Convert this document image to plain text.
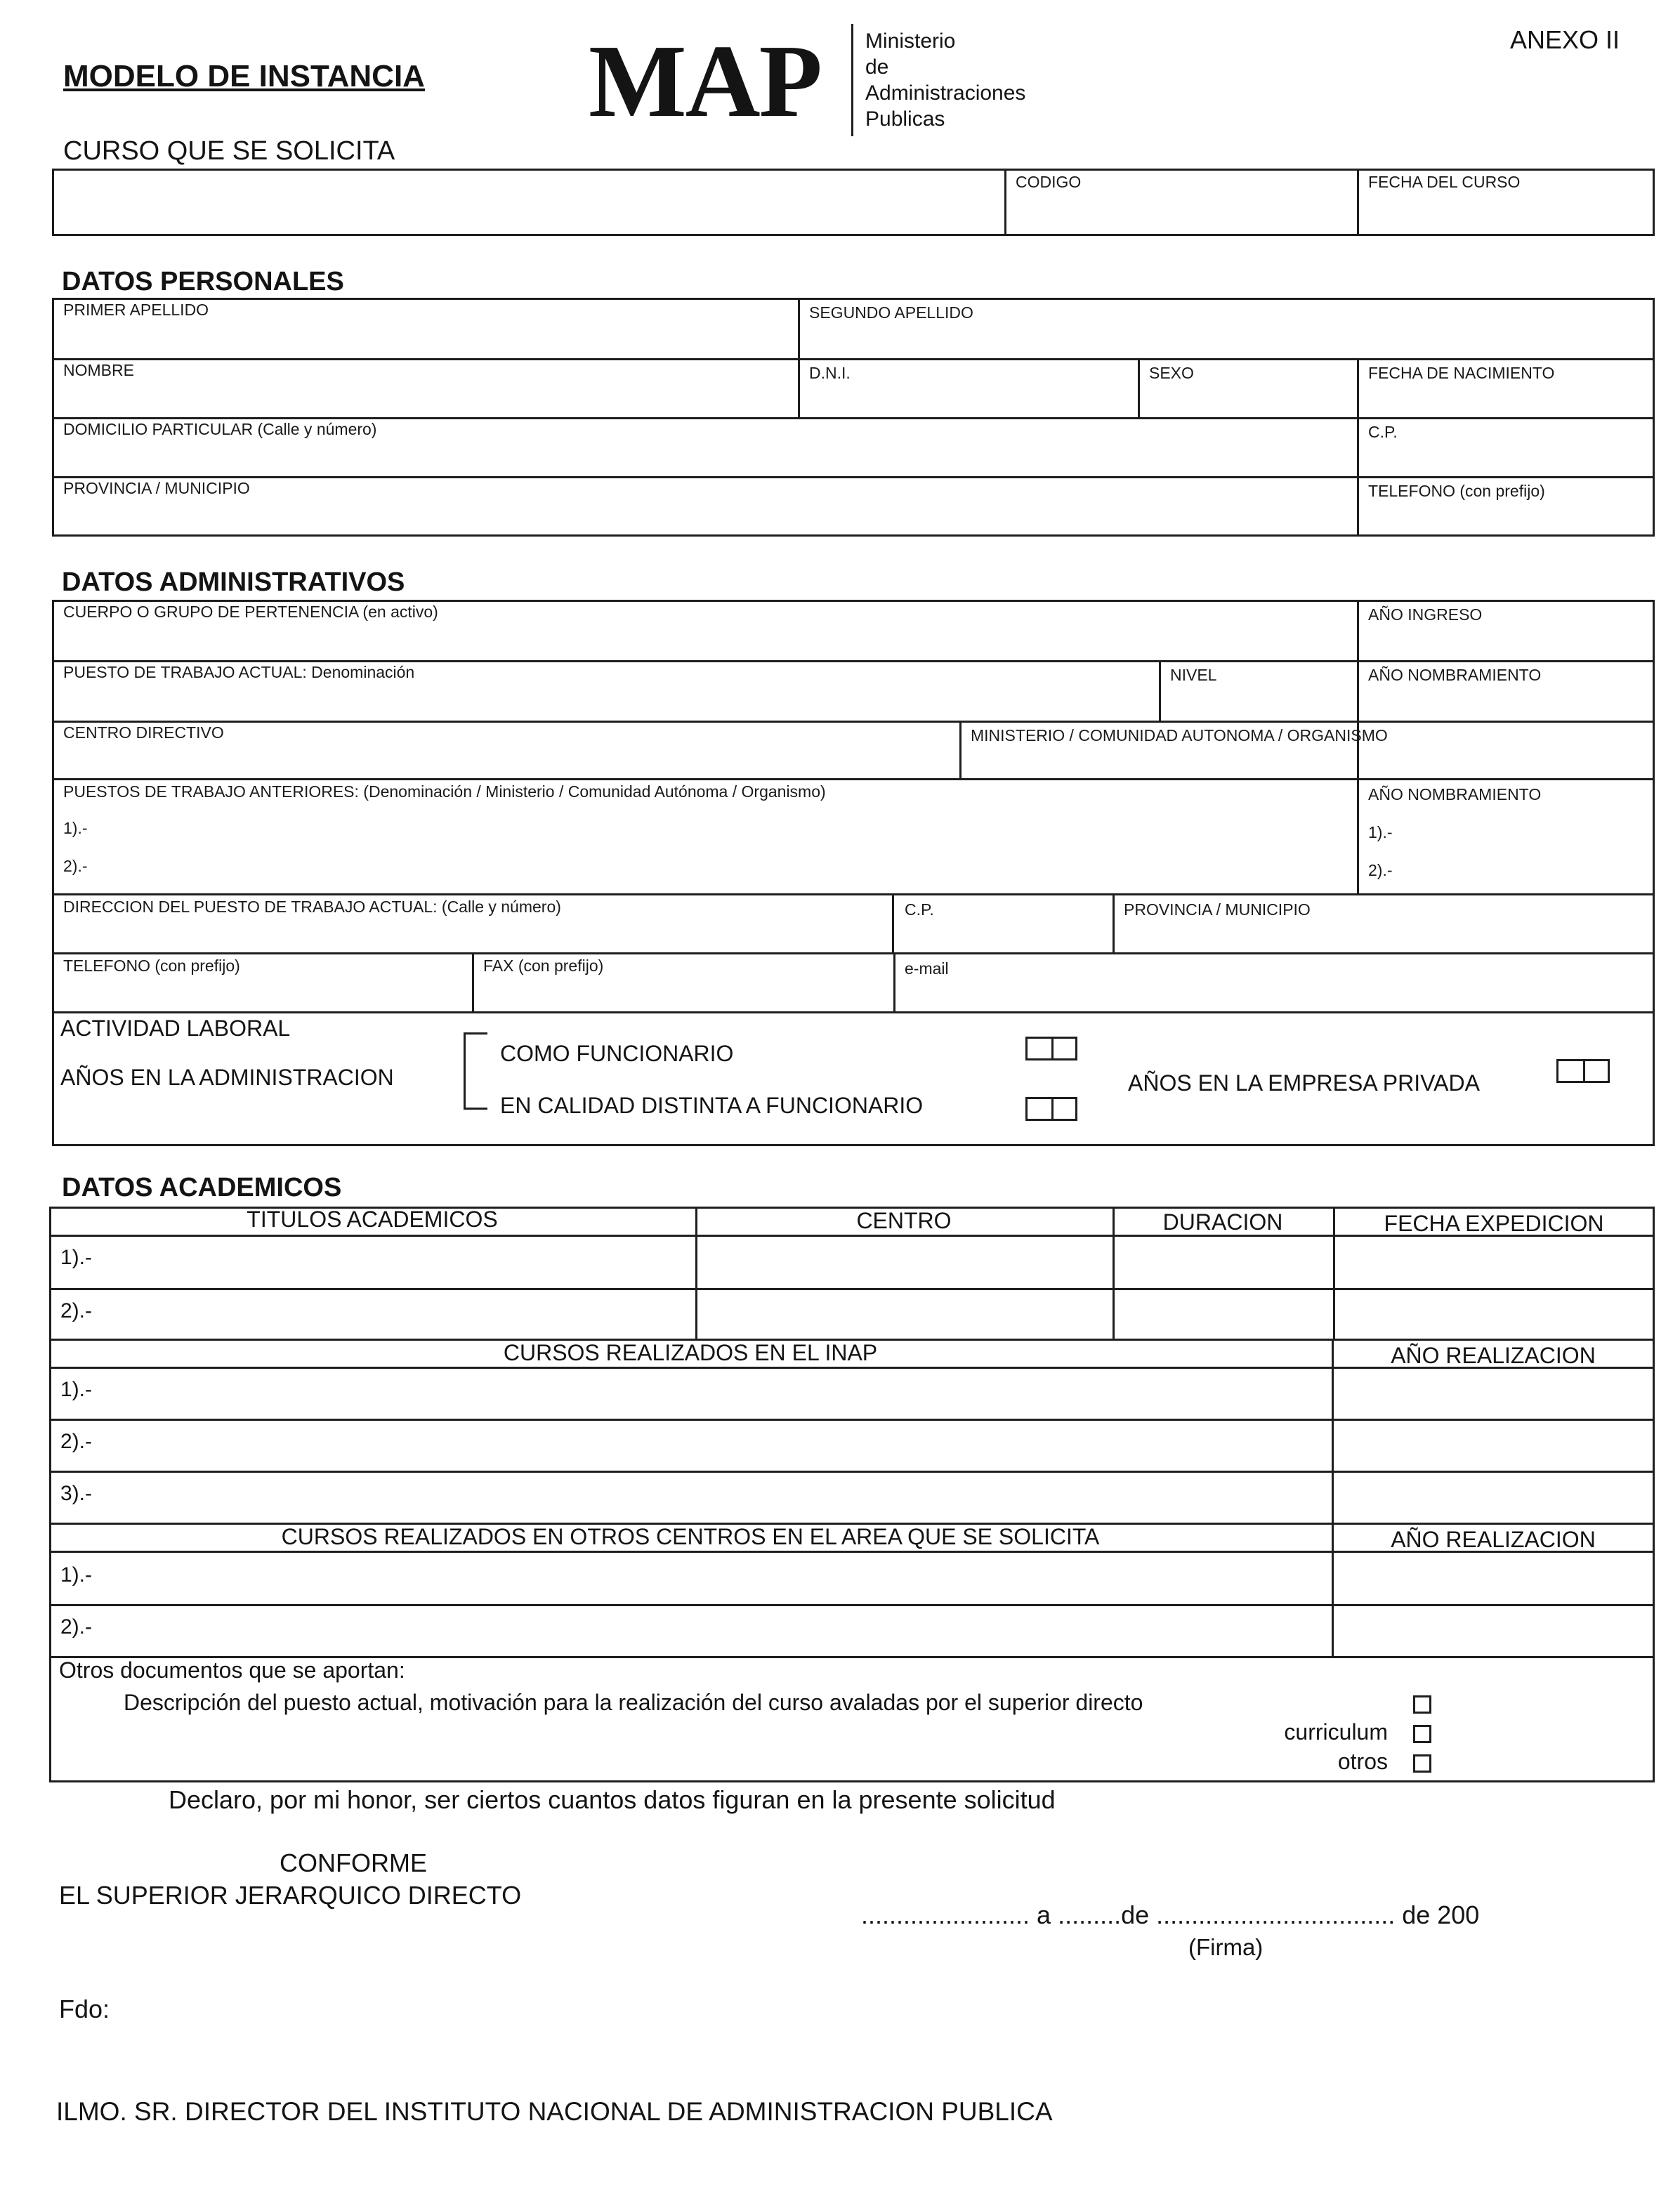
MODELO DE INSTANCIA MAP Ministerio
de
Administraciones
Publicas
ANEXO II
CURSO QUE SE SOLICITA
CODIGO	FECHA DEL CURSO
DATOS PERSONALES
PRIMER APELLIDO	SEGUNDO APELLIDO
NOMBRE	D.N.I.	SEXO	FECHA DE NACIMIENTO
DOMICILIO PARTICULAR (Calle y número)	C.P.
PROVINCIA / MUNICIPIO	TELEFONO (con prefijo)
DATOS ADMINISTRATIVOS
CUERPO O GRUPO DE PERTENENCIA (en activo)	AÑO INGRESO
PUESTO DE TRABAJO ACTUAL: Denominación	NIVEL	AÑO NOMBRAMIENTO
CENTRO DIRECTIVO	MINISTERIO / COMUNIDAD AUTONOMA / ORGANISMO
PUESTOS DE TRABAJO ANTERIORES: (Denominación / Ministerio / Comunidad Autónoma / Organismo)	AÑO NOMBRAMIENTO
1).-
2).-
1).-
2).-
DIRECCION DEL PUESTO DE TRABAJO ACTUAL: (Calle y número)	C.P.	PROVINCIA / MUNICIPIO
TELEFONO (con prefijo)	FAX (con prefijo)	e-mail
ACTIVIDAD LABORAL
AÑOS EN LA ADMINISTRACION
COMO FUNCIONARIO
EN CALIDAD DISTINTA A FUNCIONARIO
AÑOS EN LA EMPRESA PRIVADA
DATOS ACADEMICOS
TITULOS ACADEMICOS	CENTRO	DURACION	FECHA EXPEDICION
1).-
2).-
CURSOS REALIZADOS EN EL INAP	AÑO REALIZACION
1).-
2).-
3).-
CURSOS REALIZADOS EN OTROS CENTROS EN EL AREA QUE SE SOLICITA	AÑO REALIZACION
1).-
2).-
Otros documentos que se aportan:
Descripción del puesto actual, motivación para la realización del curso avaladas por el superior directo
curriculum
otros
Declaro, por mi honor, ser ciertos cuantos datos figuran en la presente solicitud
CONFORME
EL SUPERIOR JERARQUICO DIRECTO
........................ a .........de .................................. de 200
(Firma)
Fdo:
ILMO. SR. DIRECTOR DEL INSTITUTO NACIONAL DE ADMINISTRACION PUBLICA
